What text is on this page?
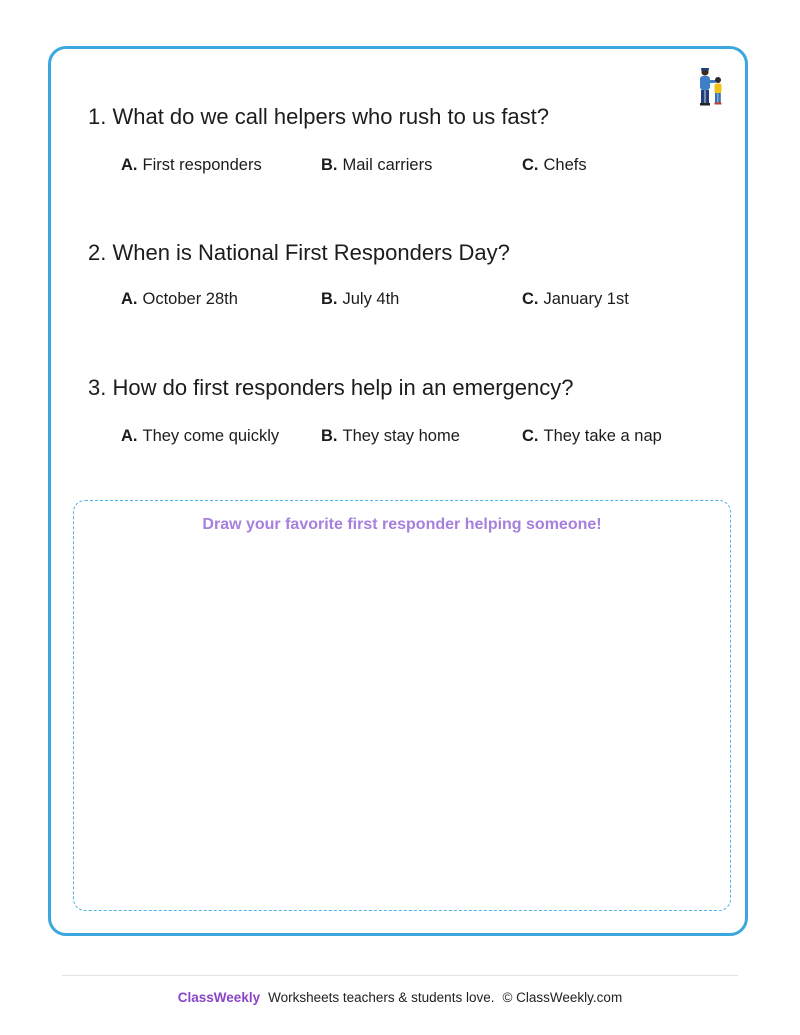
1. What do we call helpers who rush to us fast?

A. First responders	B. Mail carriers	C. Chefs

2. When is National First Responders Day?

A. October 28th	B. July 4th	C. January 1st

3. How do first responders help in an emergency?

A. They come quickly	B. They stay home	C. They take a nap
Draw your favorite first responder helping someone!
ClassWeekly Worksheets teachers & students love. © ClassWeekly.com
